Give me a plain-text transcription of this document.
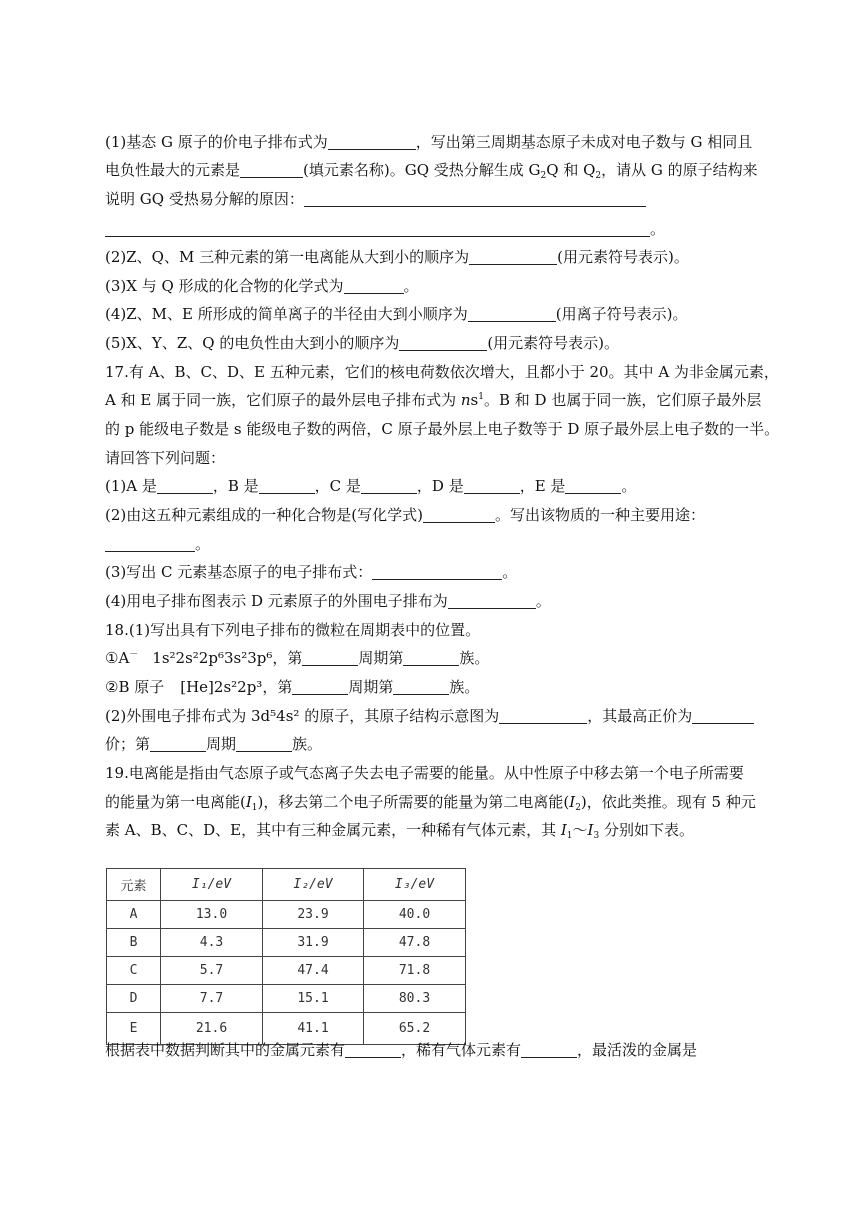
(1)基态 G 原子的价电子排布式为	，写出第三周期基态原子未成对电子数与 G 相同且
电负性最大的元素是	(填元素名称)。GQ 受热分解生成 $G_2Q$ 和 $Q_2$，请从 G 的原子结构来
说明 GQ 受热易分解的原因：
。
(2)Z、Q、M 三种元素的第一电离能从大到小的顺序为	(用元素符号表示)。
(3)X 与 Q 形成的化合物的化学式为	。
(4)Z、M、E 所形成的简单离子的半径由大到小顺序为	(用离子符号表示)。
(5)X、Y、Z、Q 的电负性由大到小的顺序为	(用元素符号表示)。
17.有 A、B、C、D、E 五种元素，它们的核电荷数依次增大，且都小于 20。其中 A 为非金属元素，
A 和 E 属于同一族，它们原子的最外层电子排布式为 $ns^1$。B 和 D 也属于同一族，它们原子最外层
的 p 能级电子数是 s 能级电子数的两倍，C 原子最外层上电子数等于 D 原子最外层上电子数的一半。
请回答下列问题：
(1)A 是	，B 是	，C 是	，D 是	，E 是	。
(2)由这五种元素组成的一种化合物是(写化学式)	。写出该物质的一种主要用途：
。
(3)写出 C 元素基态原子的电子排布式：	。
(4)用电子排布图表示 D 元素原子的外围电子排布为	。
18.(1)写出具有下列电子排布的微粒在周期表中的位置。
①A－ 1s²2s²2p⁶3s²3p⁶，第	周期第	族。
②B 原子 [He]2s²2p³，第	周期第	族。
(2)外围电子排布式为 3d⁵4s² 的原子，其原子结构示意图为	，其最高正价为
价；第	周期	族。
19.电离能是指由气态原子或气态离子失去电子需要的能量。从中性原子中移去第一个电子所需要
的能量为第一电离能$(I_1)$，移去第二个电子所需要的能量为第二电离能$(I_2)$，依此类推。现有 5 种元
素 A、B、C、D、E，其中有三种金属元素，一种稀有气体元素，其 $I_1\sim I_3$ 分别如下表。
元素	I₁/eV	I₂/eV	I₃/eV
A	13.0	23.9	40.0
B	4.3	31.9	47.8
C	5.7	47.4	71.8
D	7.7	15.1	80.3
E	21.6	41.1	65.2
根据表中数据判断其中的金属元素有	，稀有气体元素有	，最活泼的金属是
